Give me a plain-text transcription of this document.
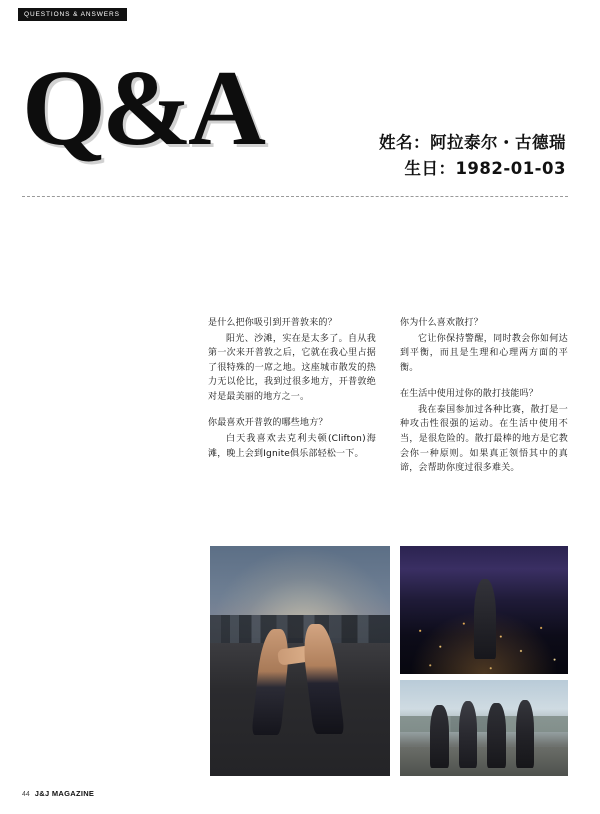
QUESTIONS & ANSWERS
Q&A	姓名：阿拉泰尔・古德瑞
生日：1982-01-03

是什么把你吸引到开普敦来的？

阳光、沙滩，实在是太多了。自从我第一次来开普敦之后，它就在我心里占据了很特殊的一席之地。这座城市散发的热力无以伦比，我到过很多地方，开普敦绝对是最美丽的地方之一。

你最喜欢开普敦的哪些地方？

白天我喜欢去克利夫顿(Clifton)海滩，晚上会到Ignite俱乐部轻松一下。

你为什么喜欢散打？

它让你保持警醒，同时教会你如何达到平衡，而且是生理和心理两方面的平衡。

在生活中使用过你的散打技能吗？

我在泰国参加过各种比赛，散打是一种攻击性很强的运动。在生活中使用不当，是很危险的。散打最棒的地方是它教会你一种原则。如果真正领悟其中的真谛，会帮助你度过很多难关。

44 J&J MAGAZINE
